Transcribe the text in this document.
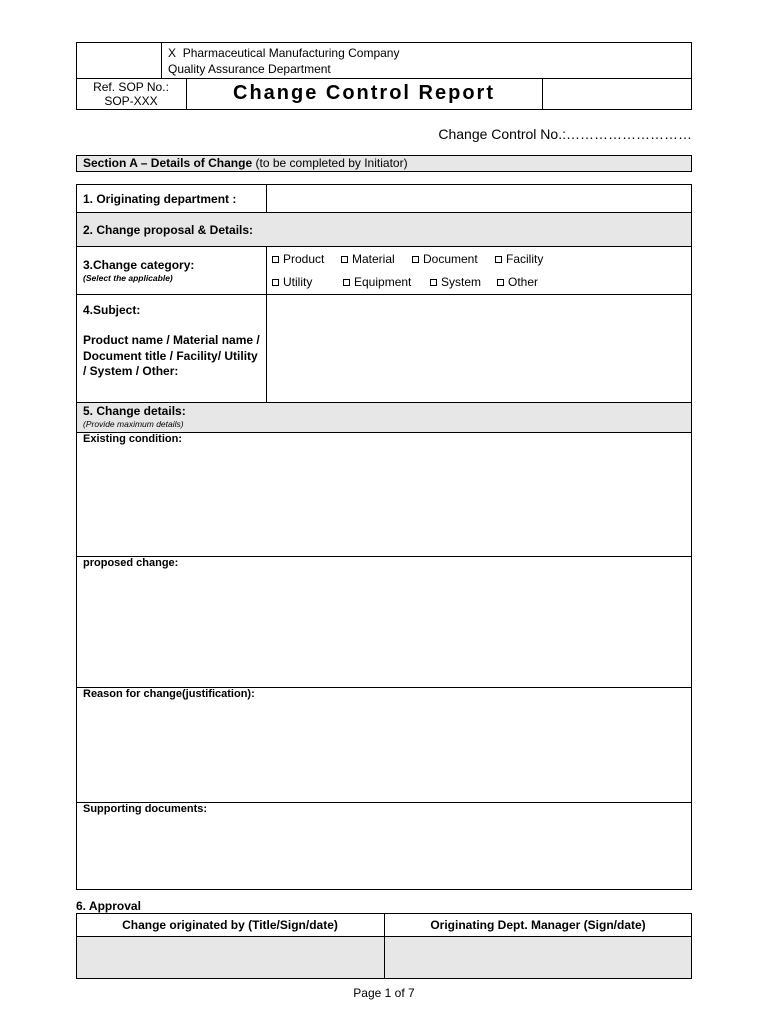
X Pharmaceutical Manufacturing Company
Quality Assurance Department
Ref. SOP No.:
SOP-XXX	Change Control Report
Change Control No.:………………………
Section A – Details of Change (to be completed by Initiator)
1. Originating department :
2. Change proposal & Details:
3.Change category:
(Select the applicable)
Product	Material	Document	Facility
Utility	Equipment	System	Other
4.Subject:
Product name / Material name / Document title / Facility/ Utility / System / Other:
5. Change details:
(Provide maximum details)
Existing condition:
proposed change:
Reason for change(justification):
Supporting documents:
6. Approval
Change originated by (Title/Sign/date)	Originating Dept. Manager (Sign/date)
Page 1 of 7
